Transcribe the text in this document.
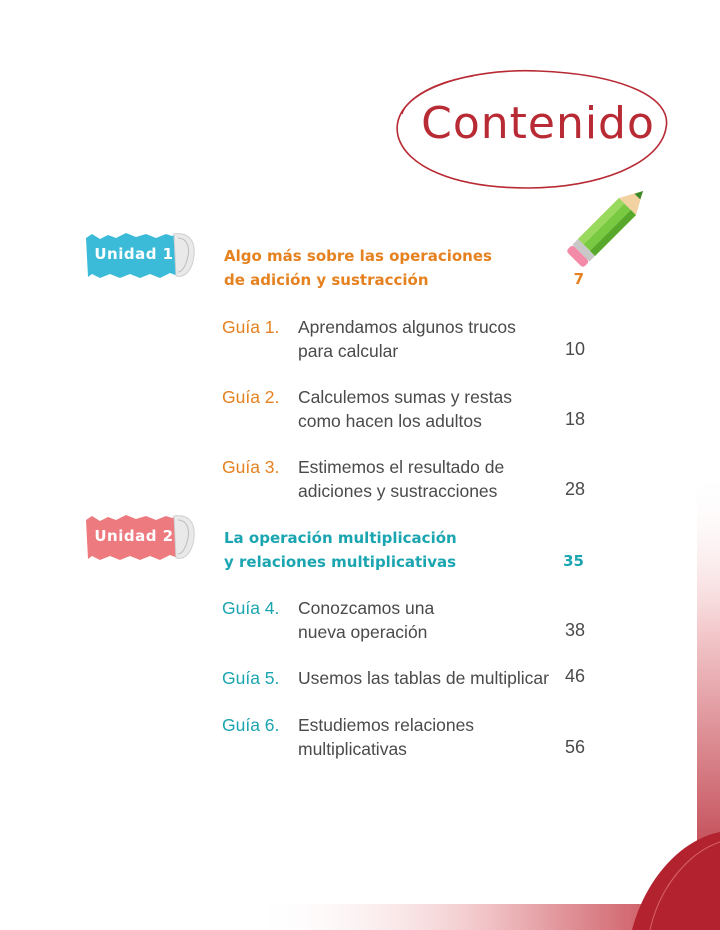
Contenido
Unidad 1	Algo más sobre las operaciones
de adición y sustracción	7
Guía 1. Aprendamos algunos trucos
para calcular	10
Guía 2. Calculemos sumas y restas
como hacen los adultos	18
Guía 3. Estimemos el resultado de
adiciones y sustracciones	28
Unidad 2	La operación multiplicación
y relaciones multiplicativas	35
Guía 4. Conozcamos una
nueva operación	38
Guía 5. Usemos las tablas de multiplicar 46
Guía 6. Estudiemos relaciones
multiplicativas	56
